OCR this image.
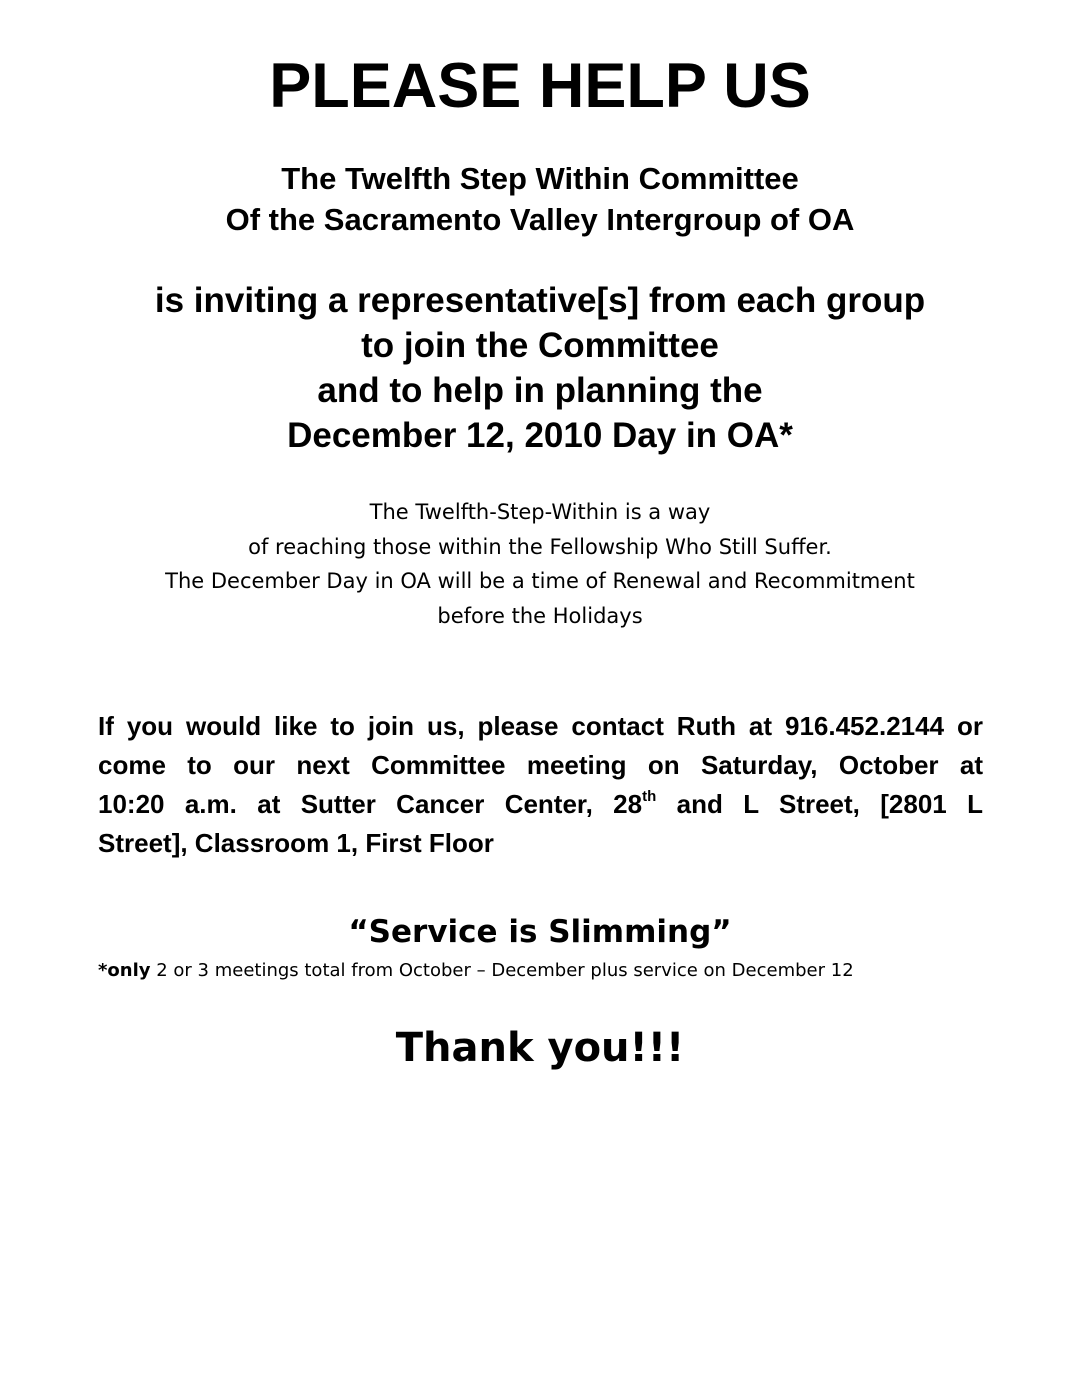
PLEASE HELP US
The Twelfth Step Within Committee
Of the Sacramento Valley Intergroup of OA
is inviting a representative[s] from each group
to join the Committee
and to help in planning the
December 12, 2010 Day in OA*
The Twelfth-Step-Within is a way
of reaching those within the Fellowship Who Still Suffer.
The December Day in OA will be a time of Renewal and Recommitment
before the Holidays
If you would like to join us, please contact Ruth at 916.452.2144 or
come to our next Committee meeting on Saturday, October at
10:20 a.m. at Sutter Cancer Center, 28th and L Street, [2801 L
Street], Classroom 1, First Floor
“Service is Slimming”
*only 2 or 3 meetings total from October – December plus service on December 12
Thank you!!!
